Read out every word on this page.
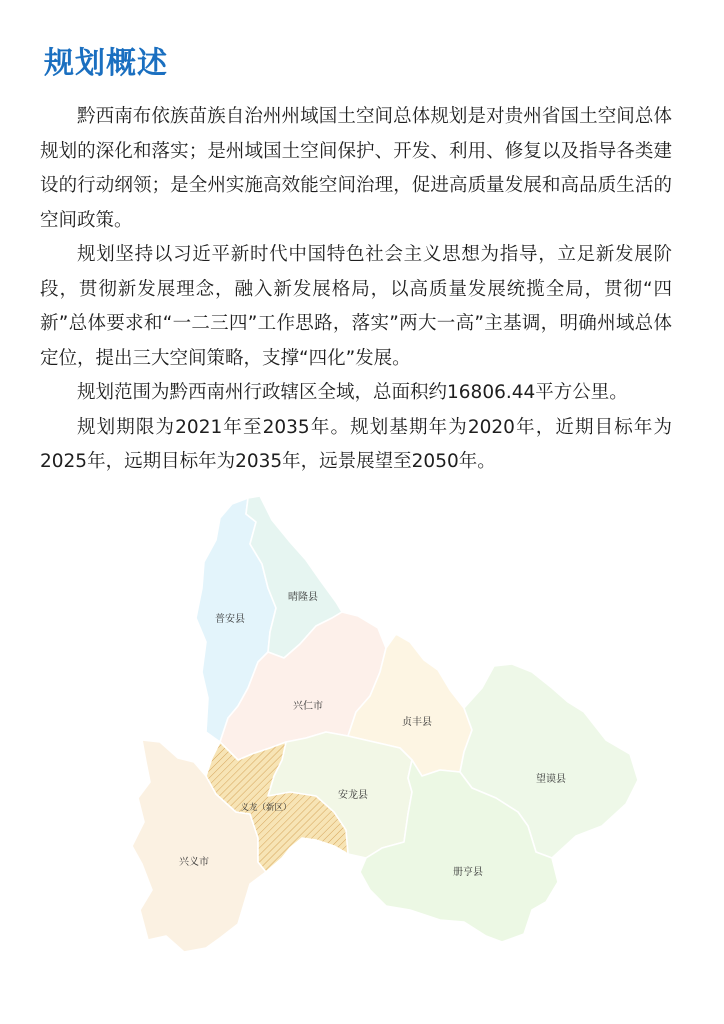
规划概述

黔西南布依族苗族自治州州域国土空间总体规划是对贵州省国土空间总体规划的深化和落实；是州域国土空间保护、开发、利用、修复以及指导各类建设的行动纲领；是全州实施高效能空间治理，促进高质量发展和高品质生活的空间政策。

规划坚持以习近平新时代中国特色社会主义思想为指导，立足新发展阶段，贯彻新发展理念，融入新发展格局，以高质量发展统揽全局，贯彻“四新”总体要求和“一二三四”工作思路，落实”两大一高”主基调，明确州域总体定位，提出三大空间策略，支撑“四化”发展。

规划范围为黔西南州行政辖区全域，总面积约16806.44平方公里。

规划期限为2021年至2035年。规划基期年为2020年，近期目标年为2025年，远期目标年为2035年，远景展望至2050年。

普安县
晴隆县
兴仁市
贞丰县
望谟县
安龙县
册亨县
兴义市
义龙（新区）
